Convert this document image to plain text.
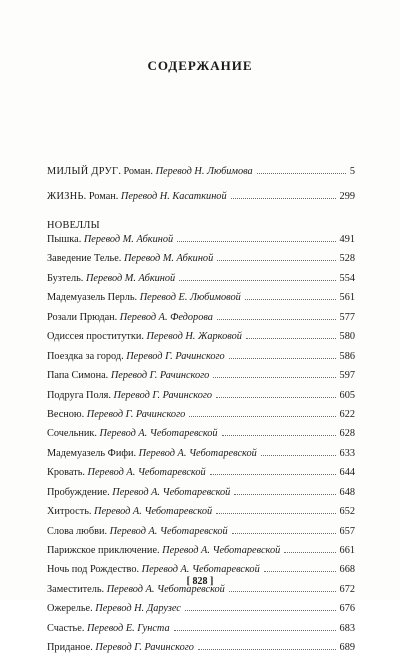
СОДЕРЖАНИЕ
МИЛЫЙ ДРУГ. Роман. Перевод Н. Любимова	5
ЖИЗНЬ. Роман. Перевод Н. Касаткиной	299
НОВЕЛЛЫ
Пышка. Перевод М. Абкиной	491
Заведение Телье. Перевод М. Абкиной	528
Бузтель. Перевод М. Абкиной	554
Мадемуазель Перль. Перевод Е. Любимовой	561
Розали Прюдан. Перевод А. Федорова	577
Одиссея проститутки. Перевод Н. Жарковой	580
Поездка за город. Перевод Г. Рачинского	586
Папа Симона. Перевод Г. Рачинского	597
Подруга Поля. Перевод Г. Рачинского	605
Весною. Перевод Г. Рачинского	622
Сочельник. Перевод А. Чеботаревской	628
Мадемуазель Фифи. Перевод А. Чеботаревской	633
Кровать. Перевод А. Чеботаревской	644
Пробуждение. Перевод А. Чеботаревской	648
Хитрость. Перевод А. Чеботаревской	652
Слова любви. Перевод А. Чеботаревской	657
Парижское приключение. Перевод А. Чеботаревской	661
Ночь под Рождество. Перевод А. Чеботаревской	668
Заместитель. Перевод А. Чеботаревской	672
Ожерелье. Перевод Н. Дарузес	676
Счастье. Перевод Е. Гунста	683
Приданое. Перевод Г. Рачинского	689
[ 828 ]
